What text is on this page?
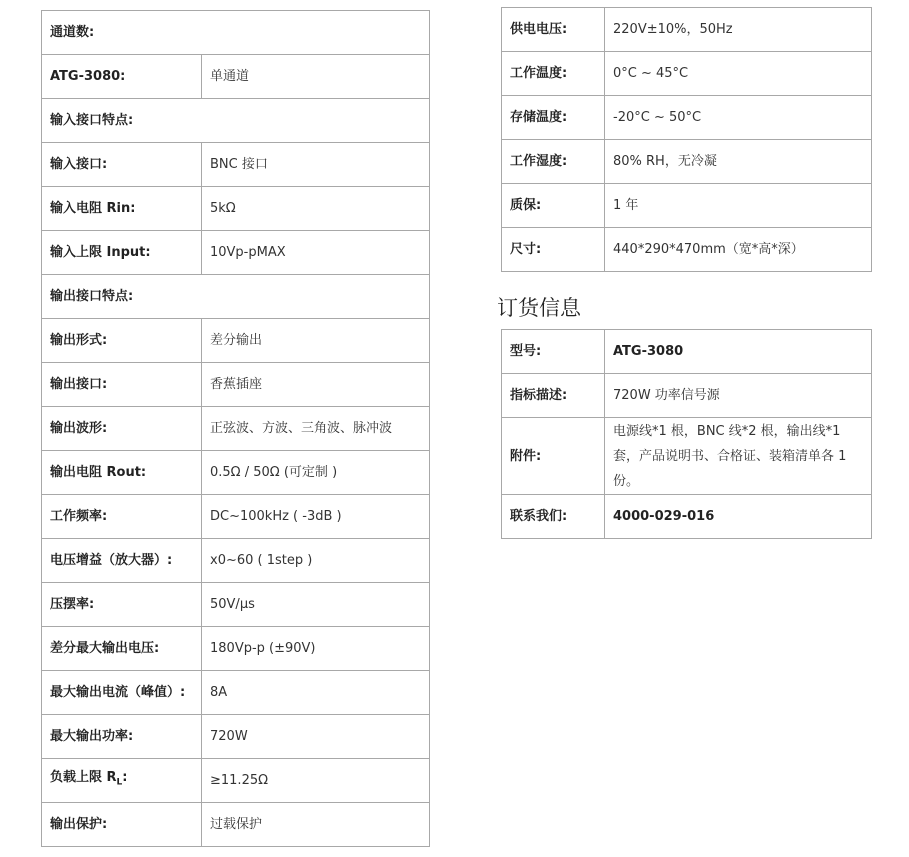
通道数:	
ATG-3080:	单通道
输入接口特点:	
输入接口:	BNC 接口
输入电阻 Rin:	5kΩ
输入上限 Input:	10Vp-pMAX
输出接口特点:	
输出形式:	差分输出
输出接口:	香蕉插座
输出波形:	正弦波、方波、三角波、脉冲波
输出电阻 Rout:	0.5Ω / 50Ω (可定制 )
工作频率:	DC~100kHz ( -3dB )
电压增益（放大器）:	x0~60 ( 1step )
压摆率:	50V/μs
差分最大输出电压:	180Vp-p (±90V)
最大输出电流（峰值）:	8A
最大输出功率:	720W
负载上限 $R_L$:	≥11.25Ω
输出保护:	过载保护
供电电压:	220V±10%，50Hz
工作温度:	0°C ~ 45°C
存储温度:	-20°C ~ 50°C
工作湿度:	80% RH，无冷凝
质保:	1 年
尺寸:	440*290*470mm（宽*高*深）
订货信息
型号:	ATG-3080
指标描述:	720W 功率信号源
附件:	电源线*1 根，BNC 线*2 根，输出线*1 套，产品说明书、合格证、装箱清单各 1 份。
联系我们:	4000-029-016
